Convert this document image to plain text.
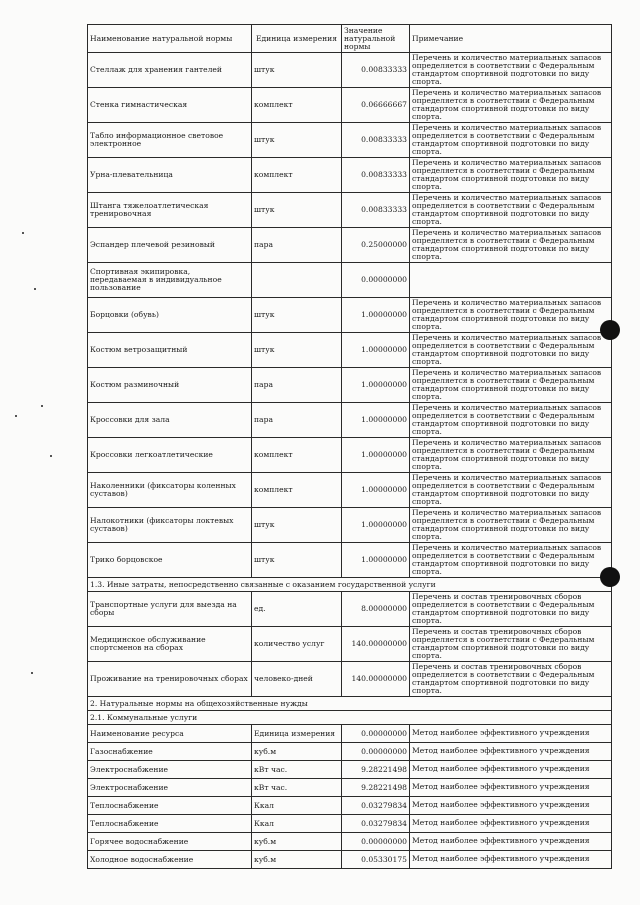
Наименование натуральной нормы	Единица измерения	Значение натуральной нормы	Примечание
Стеллаж для хранения гантелей	штук	0.00833333	Перечень и количество материальных запасов определяется в соответствии с Федеральным стандартом спортивной подготовки по виду спорта.
Стенка гимнастическая	комплект	0.06666667	Перечень и количество материальных запасов определяется в соответствии с Федеральным стандартом спортивной подготовки по виду спорта.
Табло информационное световое электронное	штук	0.00833333	Перечень и количество материальных запасов определяется в соответствии с Федеральным стандартом спортивной подготовки по виду спорта.
Урна-плевательница	комплект	0.00833333	Перечень и количество материальных запасов определяется в соответствии с Федеральным стандартом спортивной подготовки по виду спорта.
Штанга тяжелоатлетическая тренировочная	штук	0.00833333	Перечень и количество материальных запасов определяется в соответствии с Федеральным стандартом спортивной подготовки по виду спорта.
Эспандер плечевой резиновый	пара	0.25000000	Перечень и количество материальных запасов определяется в соответствии с Федеральным стандартом спортивной подготовки по виду спорта.
Спортивная экипировка, передаваемая в индивидуальное пользование		0.00000000	
Борцовки (обувь)	штук	1.00000000	Перечень и количество материальных запасов определяется в соответствии с Федеральным стандартом спортивной подготовки по виду спорта.
Костюм ветрозащитный	штук	1.00000000	Перечень и количество материальных запасов определяется в соответствии с Федеральным стандартом спортивной подготовки по виду спорта.
Костюм разминочный	пара	1.00000000	Перечень и количество материальных запасов определяется в соответствии с Федеральным стандартом спортивной подготовки по виду спорта.
Кроссовки для зала	пара	1.00000000	Перечень и количество материальных запасов определяется в соответствии с Федеральным стандартом спортивной подготовки по виду спорта.
Кроссовки легкоатлетические	комплект	1.00000000	Перечень и количество материальных запасов определяется в соответствии с Федеральным стандартом спортивной подготовки по виду спорта.
Наколенники (фиксаторы коленных суставов)	комплект	1.00000000	Перечень и количество материальных запасов определяется в соответствии с Федеральным стандартом спортивной подготовки по виду спорта.
Налокотники (фиксаторы локтевых суставов)	штук	1.00000000	Перечень и количество материальных запасов определяется в соответствии с Федеральным стандартом спортивной подготовки по виду спорта.
Трико борцовское	штук	1.00000000	Перечень и количество материальных запасов определяется в соответствии с Федеральным стандартом спортивной подготовки по виду спорта.
1.3. Иные затраты, непосредственно связанные с оказанием государственной услуги			
Транспортные услуги для выезда на сборы	ед.	8.00000000	Перечень и состав тренировочных сборов определяется в соответствии с Федеральным стандартом спортивной подготовки по виду спорта.
Медицинское обслуживание спортсменов на сборах	количество услуг	140.00000000	Перечень и состав тренировочных сборов определяется в соответствии с Федеральным стандартом спортивной подготовки по виду спорта.
Проживание на тренировочных сборах	человеко-дней	140.00000000	Перечень и состав тренировочных сборов определяется в соответствии с Федеральным стандартом спортивной подготовки по виду спорта.
2. Натуральные нормы на общехозяйственные нужды			
2.1. Коммунальные услуги			
Наименование ресурса	Единица измерения	0.00000000	Метод наиболее эффективного учреждения
Газоснабжение	куб.м	0.00000000	Метод наиболее эффективного учреждения
Электроснабжение	кВт час.	9.28221498	Метод наиболее эффективного учреждения
Электроснабжение	кВт час.	9.28221498	Метод наиболее эффективного учреждения
Теплоснабжение	Ккал	0.03279834	Метод наиболее эффективного учреждения
Теплоснабжение	Ккал	0.03279834	Метод наиболее эффективного учреждения
Горячее водоснабжение	куб.м	0.00000000	Метод наиболее эффективного учреждения
Холодное водоснабжение	куб.м	0.05330175	Метод наиболее эффективного учреждения
